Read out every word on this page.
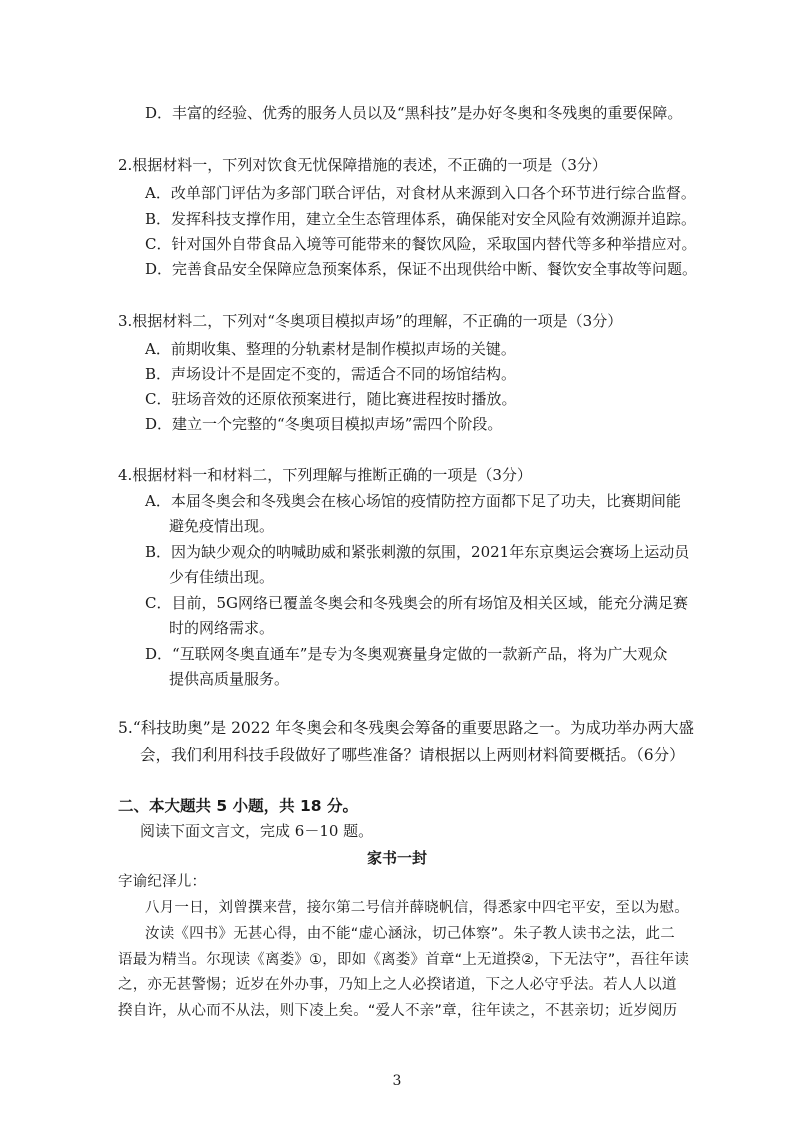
D．丰富的经验、优秀的服务人员以及“黑科技”是办好冬奥和冬残奥的重要保障。
2.根据材料一，下列对饮食无忧保障措施的表述，不正确的一项是（3分）
A．改单部门评估为多部门联合评估，对食材从来源到入口各个环节进行综合监督。
B．发挥科技支撑作用，建立全生态管理体系，确保能对安全风险有效溯源并追踪。
C．针对国外自带食品入境等可能带来的餐饮风险，采取国内替代等多种举措应对。
D．完善食品安全保障应急预案体系，保证不出现供给中断、餐饮安全事故等问题。
3.根据材料二，下列对“冬奥项目模拟声场”的理解，不正确的一项是（3分）
A．前期收集、整理的分轨素材是制作模拟声场的关键。
B．声场设计不是固定不变的，需适合不同的场馆结构。
C．驻场音效的还原依预案进行，随比赛进程按时播放。
D．建立一个完整的“冬奥项目模拟声场”需四个阶段。
4.根据材料一和材料二，下列理解与推断正确的一项是（3分）
A．本届冬奥会和冬残奥会在核心场馆的疫情防控方面都下足了功夫，比赛期间能
避免疫情出现。
B．因为缺少观众的呐喊助威和紧张刺激的氛围，2021年东京奥运会赛场上运动员
少有佳绩出现。
C．目前，5G网络已覆盖冬奥会和冬残奥会的所有场馆及相关区域，能充分满足赛
时的网络需求。
D．“互联网冬奥直通车”是专为冬奥观赛量身定做的一款新产品，将为广大观众
提供高质量服务。
5.“科技助奥”是 2022 年冬奥会和冬残奥会筹备的重要思路之一。为成功举办两大盛
会，我们利用科技手段做好了哪些准备？请根据以上两则材料简要概括。（6分）
二、本大题共 5 小题，共 18 分。
阅读下面文言文，完成 6－10 题。
家书一封
字谕纪泽儿：
八月一日，刘曾撰来营，接尔第二号信并薛晓帆信，得悉家中四宅平安，至以为慰。
汝读《四书》无甚心得，由不能“虚心涵泳，切己体察”。朱子教人读书之法，此二
语最为精当。尔现读《离娄》①，即如《离娄》首章“上无道揆②，下无法守”，吾往年读
之，亦无甚警惕；近岁在外办事，乃知上之人必揆诸道，下之人必守乎法。若人人以道
揆自许，从心而不从法，则下凌上矣。“爱人不亲”章，往年读之，不甚亲切；近岁阅历
3
